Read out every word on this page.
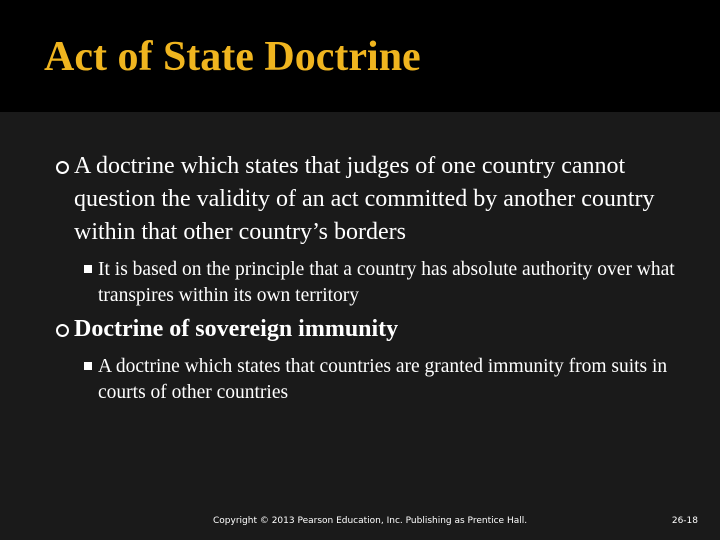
Act of State Doctrine
A doctrine which states that judges of one country cannot question the validity of an act committed by another country within that other country’s borders
It is based on the principle that a country has absolute authority over what transpires within its own territory
Doctrine of sovereign immunity
A doctrine which states that countries are granted immunity from suits in courts of other countries
Copyright © 2013 Pearson Education, Inc. Publishing as Prentice Hall.	26-18
